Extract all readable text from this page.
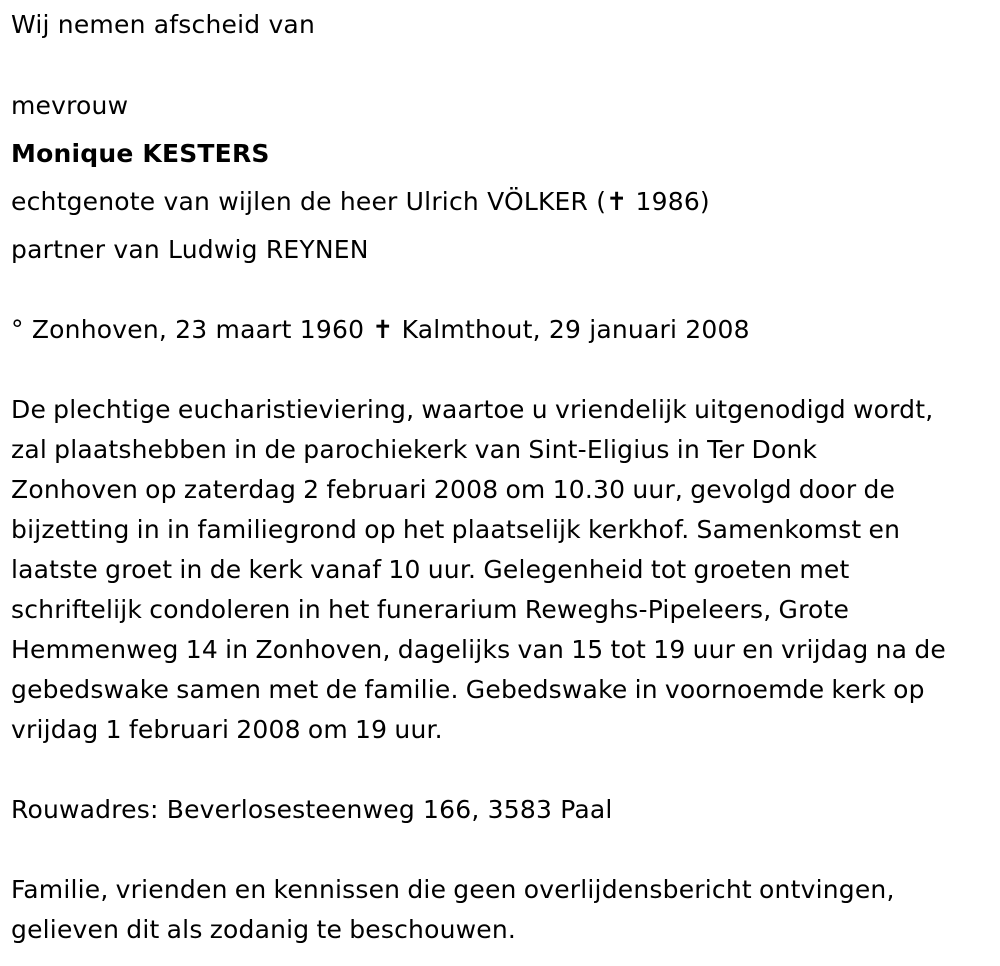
Wij nemen afscheid van
mevrouw
Monique KESTERS
echtgenote van wijlen de heer Ulrich VÖLKER (✝ 1986)
partner van Ludwig REYNEN
° Zonhoven, 23 maart 1960 ✝ Kalmthout, 29 januari 2008
De plechtige eucharistieviering, waartoe u vriendelijk uitgenodigd wordt,
zal plaatshebben in de parochiekerk van Sint-Eligius in Ter Donk
Zonhoven op zaterdag 2 februari 2008 om 10.30 uur, gevolgd door de
bijzetting in in familiegrond op het plaatselijk kerkhof. Samenkomst en
laatste groet in de kerk vanaf 10 uur. Gelegenheid tot groeten met
schriftelijk condoleren in het funerarium Reweghs-Pipeleers, Grote
Hemmenweg 14 in Zonhoven, dagelijks van 15 tot 19 uur en vrijdag na de
gebedswake samen met de familie. Gebedswake in voornoemde kerk op
vrijdag 1 februari 2008 om 19 uur.
Rouwadres: Beverlosesteenweg 166, 3583 Paal
Familie, vrienden en kennissen die geen overlijdensbericht ontvingen,
gelieven dit als zodanig te beschouwen.
